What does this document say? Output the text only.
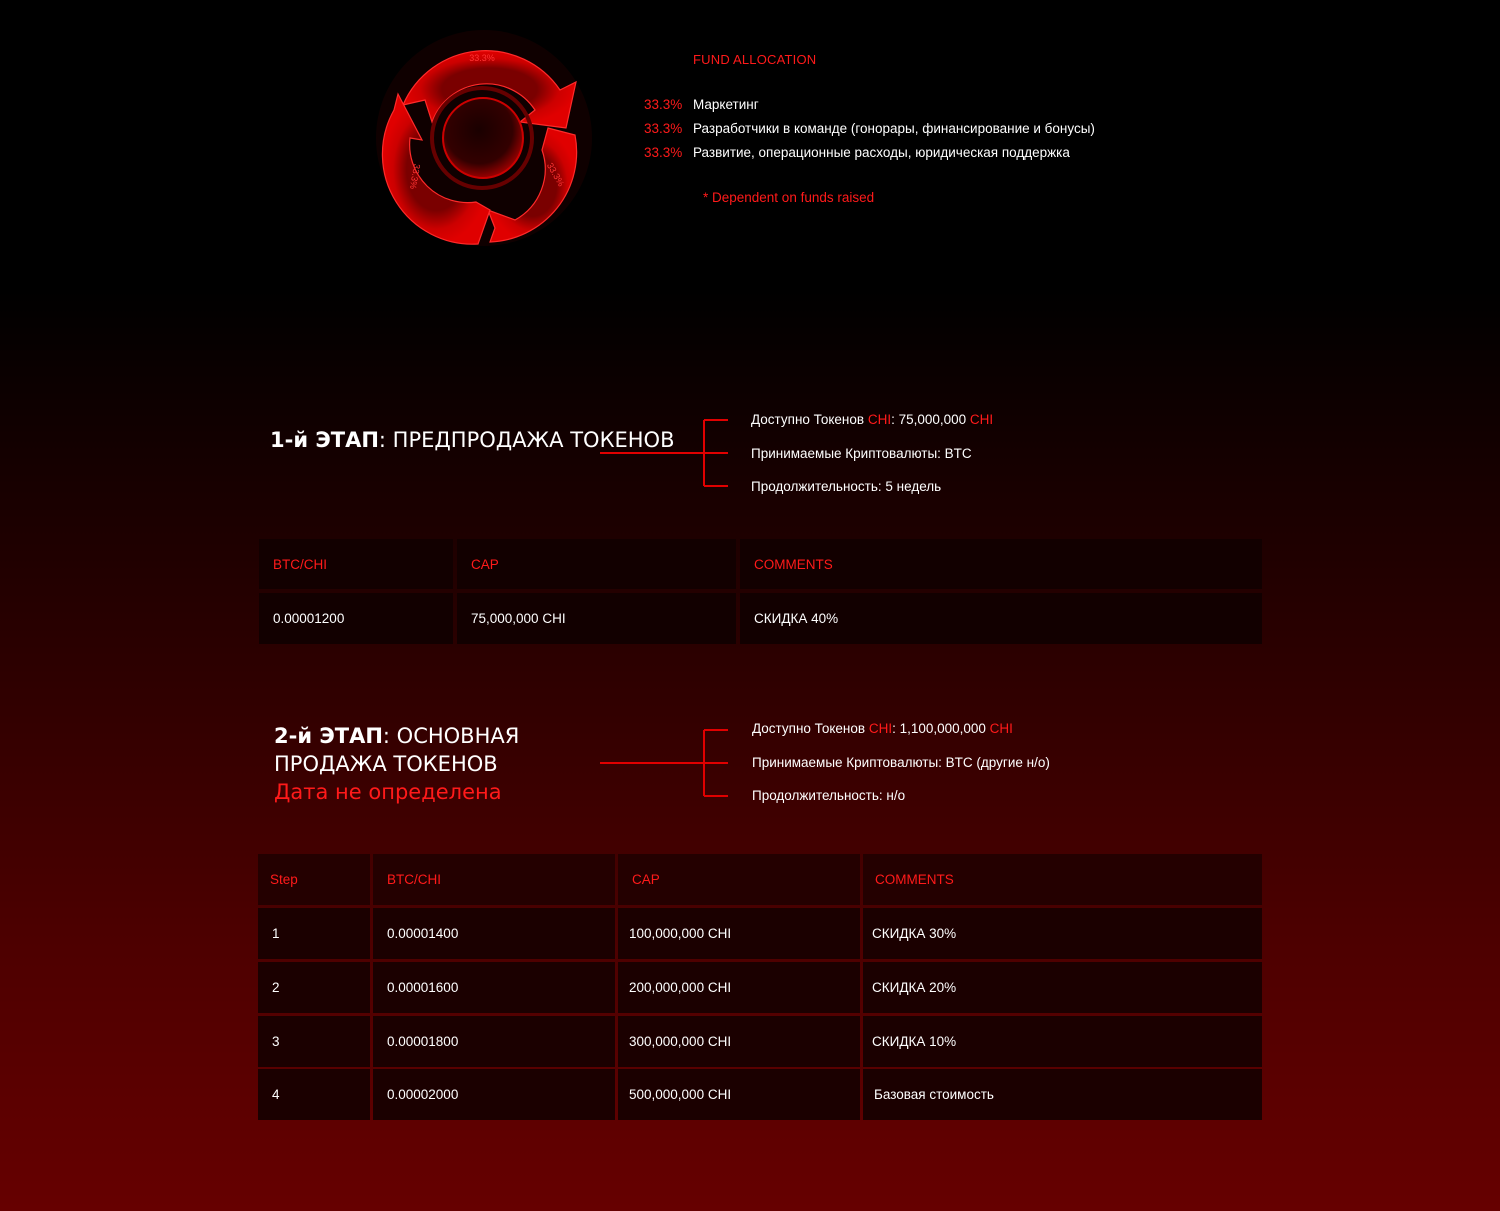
33.3%
33.3%
33.3%
FUND ALLOCATION
33.3% Маркетинг
33.3% Разработчики в команде (гонорары, финансирование и бонусы)
33.3% Развитие, операционные расходы, юридическая поддержка
* Dependent on funds raised
1-й ЭТАП: ПРЕДПРОДАЖА ТОКЕНОВ
Доступно Токенов CHI: 75,000,000 CHI
Принимаемые Криптовалюты: BTC
Продолжительность: 5 недель
BTC/CHI	CAP	COMMENTS
0.00001200	75,000,000 CHI	СКИДКА 40%
2-й ЭТАП: ОСНОВНАЯ
ПРОДАЖА ТОКЕНОВ
Дата не определена
Доступно Токенов CHI: 1,100,000,000 CHI
Принимаемые Криптовалюты: BTC (другие н/о)
Продолжительность: н/о
Step	BTC/CHI	CAP	COMMENTS
1	0.00001400	100,000,000 CHI	СКИДКА 30%
2	0.00001600	200,000,000 CHI	СКИДКА 20%
3	0.00001800	300,000,000 CHI	СКИДКА 10%
4	0.00002000	500,000,000 CHI	Базовая стоимость
